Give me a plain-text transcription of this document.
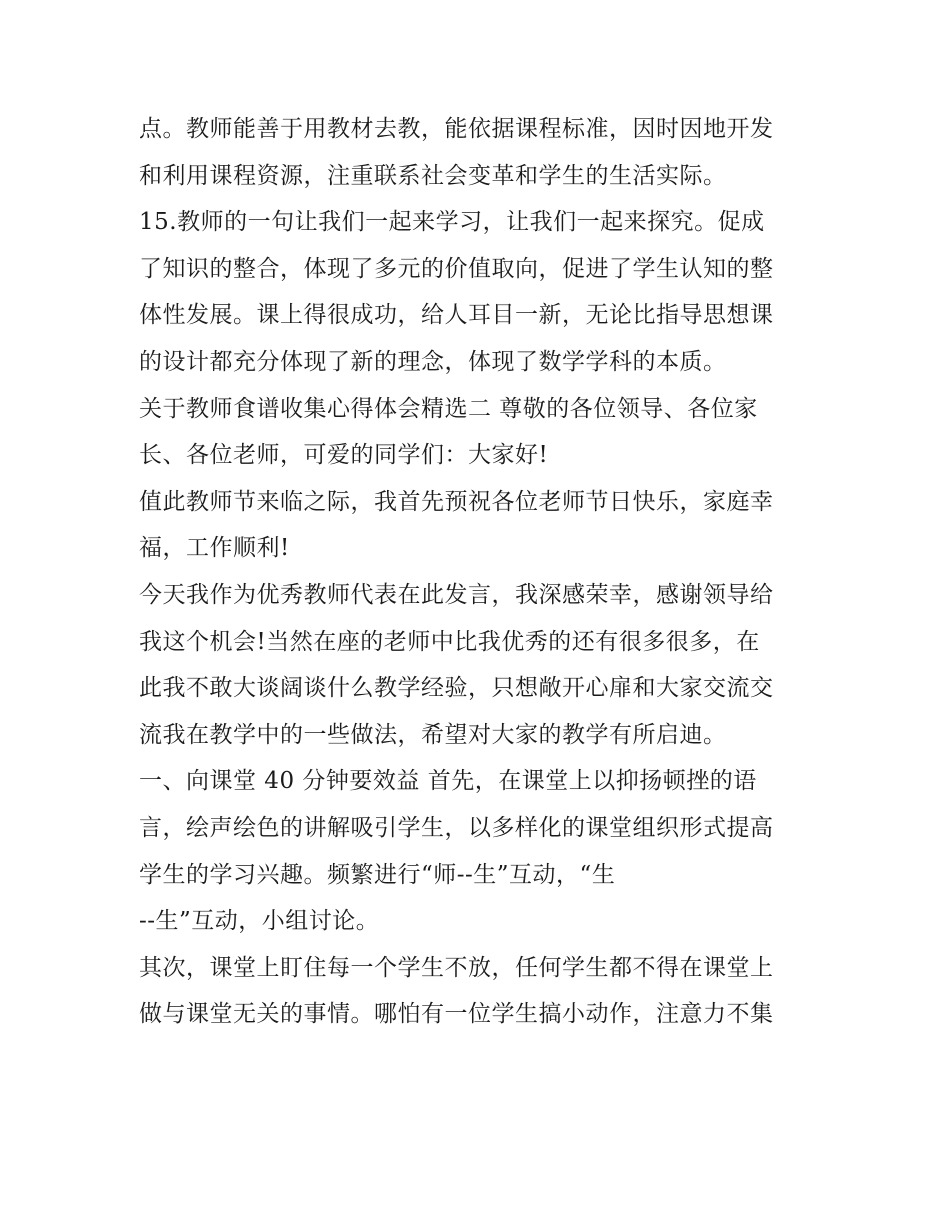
点。教师能善于用教材去教，能依据课程标准，因时因地开发
和利用课程资源，注重联系社会变革和学生的生活实际。
15.教师的一句让我们一起来学习，让我们一起来探究。促成
了知识的整合，体现了多元的价值取向，促进了学生认知的整
体性发展。课上得很成功，给人耳目一新，无论比指导思想课
的设计都充分体现了新的理念，体现了数学学科的本质。
关于教师食谱收集心得体会精选二 尊敬的各位领导、各位家
长、各位老师，可爱的同学们：大家好!
值此教师节来临之际，我首先预祝各位老师节日快乐，家庭幸
福，工作顺利!
今天我作为优秀教师代表在此发言，我深感荣幸，感谢领导给
我这个机会!当然在座的老师中比我优秀的还有很多很多，在
此我不敢大谈阔谈什么教学经验，只想敞开心扉和大家交流交
流我在教学中的一些做法，希望对大家的教学有所启迪。
一、向课堂 40 分钟要效益 首先，在课堂上以抑扬顿挫的语
言，绘声绘色的讲解吸引学生，以多样化的课堂组织形式提高
学生的学习兴趣。频繁进行“师--生”互动，“生
--生”互动，小组讨论。
其次，课堂上盯住每一个学生不放，任何学生都不得在课堂上
做与课堂无关的事情。哪怕有一位学生搞小动作，注意力不集
